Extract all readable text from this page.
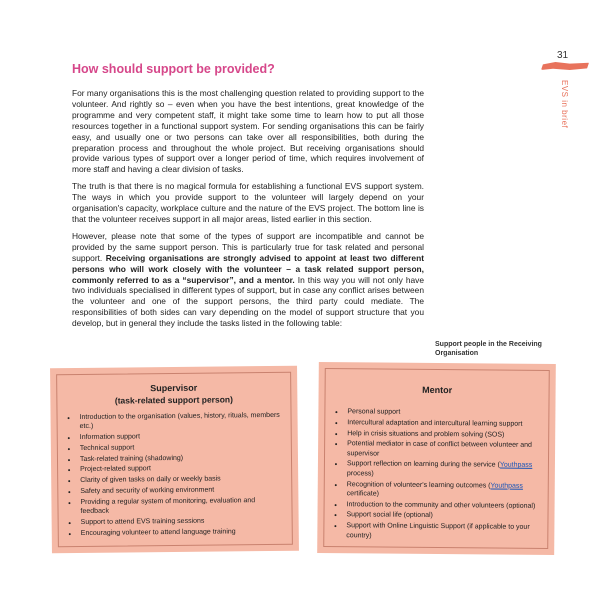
31
EVS in brief
How should support be provided?

For many organisations this is the most challenging question related to providing support to the volunteer. And rightly so – even when you have the best intentions, great knowledge of the programme and very competent staff, it might take some time to learn how to put all those resources together in a functional support system. For sending organisations this can be fairly easy, and usually one or two persons can take over all responsibilities, both during the preparation process and throughout the whole project. But receiving organisations should provide various types of support over a longer period of time, which requires involvement of more staff and having a clear division of tasks.

The truth is that there is no magical formula for establishing a functional EVS support system. The ways in which you provide support to the volunteer will largely depend on your organisation's capacity, workplace culture and the nature of the EVS project. The bottom line is that the volunteer receives support in all major areas, listed earlier in this section.

However, please note that some of the types of support are incompatible and cannot be provided by the same support person. This is particularly true for task related and personal support. Receiving organisations are strongly advised to appoint at least two different persons who will work closely with the volunteer – a task related support person, commonly referred to as a “supervisor”, and a mentor. In this way you will not only have two individuals specialised in different types of support, but in case any conflict arises between the volunteer and one of the support persons, the third party could mediate. The responsibilities of both sides can vary depending on the model of support structure that you develop, but in general they include the tasks listed in the following table:

Support people in the Receiving Organisation
Supervisor
(task-related support person)
• Introduction to the organisation (values, history, rituals, members etc.)
• Information support
• Technical support
• Task-related training (shadowing)
• Project-related support
• Clarity of given tasks on daily or weekly basis
• Safety and security of working environment
• Providing a regular system of monitoring, evaluation and feedback
• Support to attend EVS training sessions
• Encouraging volunteer to attend language training
Mentor
• Personal support
• Intercultural adaptation and intercultural learning support
• Help in crisis situations and problem solving (SOS)
• Potential mediator in case of conflict between volunteer and supervisor
• Support reflection on learning during the service (Youthpass process)
• Recognition of volunteer's learning outcomes (Youthpass certificate)
• Introduction to the community and other volunteers (optional)
• Support social life (optional)
• Support with Online Linguistic Support (if applicable to your country)
